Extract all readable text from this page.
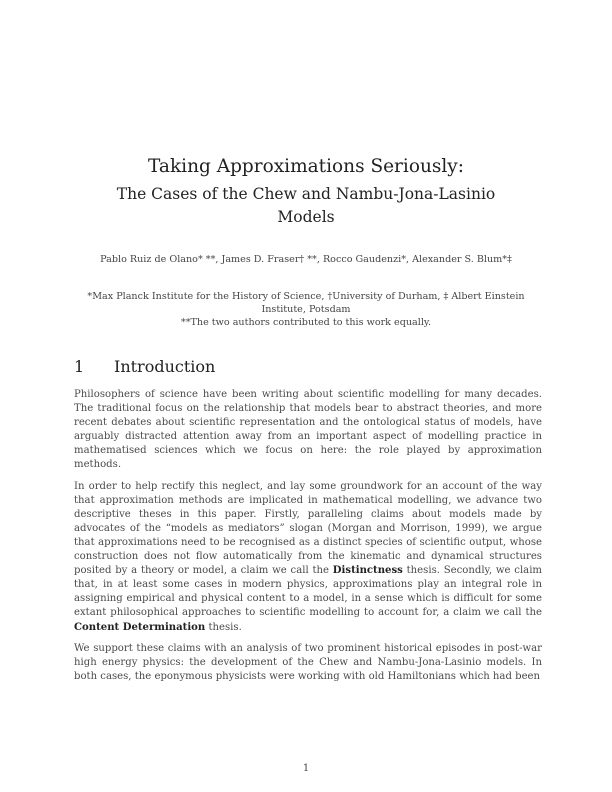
Taking Approximations Seriously:
The Cases of the Chew and Nambu-Jona-Lasinio
Models
Pablo Ruiz de Olano* **, James D. Fraser† **, Rocco Gaudenzi*, Alexander S. Blum*‡
*Max Planck Institute for the History of Science, †University of Durham, ‡ Albert Einstein
Institute, Potsdam
**The two authors contributed to this work equally.
1 Introduction

Philosophers of science have been writing about scientific modelling for many decades. The traditional focus on the relationship that models bear to abstract theories, and more recent debates about scientific representation and the ontological status of models, have arguably distracted attention away from an important aspect of modelling practice in mathematised sciences which we focus on here: the role played by approximation methods.

In order to help rectify this neglect, and lay some groundwork for an account of the way that approximation methods are implicated in mathematical modelling, we advance two descriptive theses in this paper. Firstly, paralleling claims about models made by advocates of the “models as mediators” slogan (Morgan and Morrison, 1999), we argue that approximations need to be recognised as a distinct species of scientific output, whose construction does not flow automatically from the kinematic and dynamical structures posited by a theory or model, a claim we call the Distinctness thesis. Secondly, we claim that, in at least some cases in modern physics, approximations play an integral role in assigning empirical and physical content to a model, in a sense which is difficult for some extant philosophical approaches to scientific modelling to account for, a claim we call the Content Determination thesis.

We support these claims with an analysis of two prominent historical episodes in post-war high energy physics: the development of the Chew and Nambu-Jona-Lasinio models. In both cases, the eponymous physicists were working with old Hamiltonians which had been

1
